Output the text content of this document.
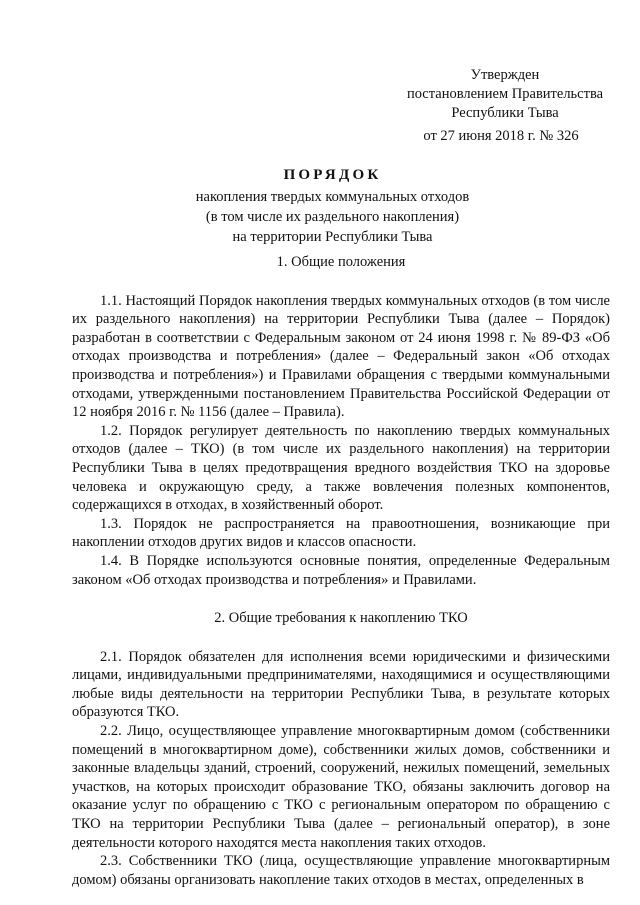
Утвержден
постановлением Правительства
Республики Тыва
от 27 июня 2018 г. № 326
ПОРЯДОК
накопления твердых коммунальных отходов
(в том числе их раздельного накопления)
на территории Республики Тыва
1. Общие положения

1.1. Настоящий Порядок накопления твердых коммунальных отходов (в том числе их раздельного накопления) на территории Республики Тыва (далее – Порядок) разработан в соответствии с Федеральным законом от 24 июня 1998 г. № 89-ФЗ «Об отходах производства и потребления» (далее – Федеральный закон «Об отходах производства и потребления») и Правилами обращения с твердыми коммунальными отходами, утвержденными постановлением Правительства Российской Федерации от 12 ноября 2016 г. № 1156 (далее – Правила).

1.2. Порядок регулирует деятельность по накоплению твердых коммунальных отходов (далее – ТКО) (в том числе их раздельного накопления) на территории Республики Тыва в целях предотвращения вредного воздействия ТКО на здоровье человека и окружающую среду, а также вовлечения полезных компонентов, содержащихся в отходах, в хозяйственный оборот.

1.3. Порядок не распространяется на правоотношения, возникающие при накоплении отходов других видов и классов опасности.

1.4. В Порядке используются основные понятия, определенные Федеральным законом «Об отходах производства и потребления» и Правилами.

2. Общие требования к накоплению ТКО

2.1. Порядок обязателен для исполнения всеми юридическими и физическими лицами, индивидуальными предпринимателями, находящимися и осуществляющими любые виды деятельности на территории Республики Тыва, в результате которых образуются ТКО.

2.2. Лицо, осуществляющее управление многоквартирным домом (собственники помещений в многоквартирном доме), собственники жилых домов, собственники и законные владельцы зданий, строений, сооружений, нежилых помещений, земельных участков, на которых происходит образование ТКО, обязаны заключить договор на оказание услуг по обращению с ТКО с региональным оператором по обращению с ТКО на территории Республики Тыва (далее – региональный оператор), в зоне деятельности которого находятся места накопления таких отходов.

2.3. Собственники ТКО (лица, осуществляющие управление многоквартирным домом) обязаны организовать накопление таких отходов в местах, определенных в
